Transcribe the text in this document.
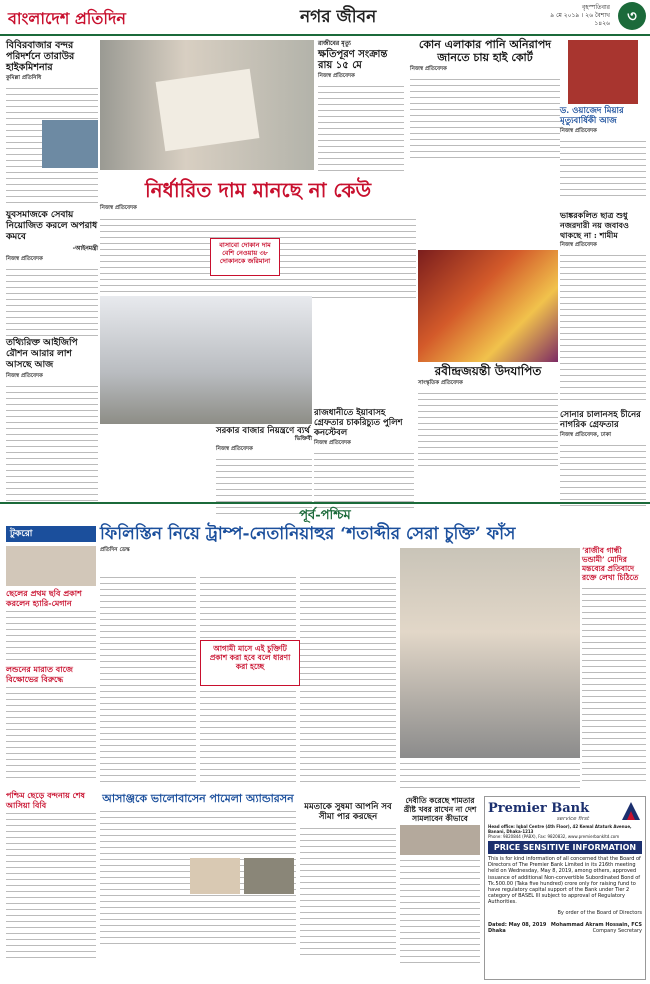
বাংলাদেশ প্রতিদিন	নগর জীবন	বৃহস্পতিবার
৯ মে ২০১৯ । ২৬ বৈশাখ ১৪২৬	৩
বিবিরবাজার বন্দর পরিদর্শনে তারাউর হাইকমিশনার
কুমিল্লা প্রতিনিধি
রাজীবের মৃত্যু
ক্ষতিপূরণ সংক্রান্ত রায় ১৫ মে
নিজস্ব প্রতিবেদক
কোন এলাকার পানি অনিরাপদ জানতে চায় হাই কোর্ট
নিজস্ব প্রতিবেদক
ড. ওয়াজেদ মিয়ার মৃত্যুবার্ষিকী আজ
নিজস্ব প্রতিবেদক
যুবসমাজকে সেবায় নিয়োজিত করলে অপরাধ কমবে
-আইনমন্ত্রী
নিজস্ব প্রতিবেদক
তথ্যিরিক্ত আইজিপি রৌশন আরার লাশ আসছে আজ
নিজস্ব প্রতিবেদক
নির্ধারিত দাম মানছে না কেউ
নিজস্ব প্রতিবেদক
বাসাবো দোকান দাম বেশি নেওয়ায় ৩৮ দোকানকে জরিমানা
সরকার বাজার নিয়ন্ত্রণে ব্যর্থ
ভিক্তিবী
নিজস্ব প্রতিবেদক
রাজধানীতে ইয়াবাসহ গ্রেফতার চাকরিচ্যুত পুলিশ কনস্টেবল
নিজস্ব প্রতিবেদক
ভাঙ্করকলিত ছাত্র শুধু নজরদারী নয় জবাবও থাকছে না : শামীম
নিজস্ব প্রতিবেদক
রবীন্দ্রজয়ন্তী উদযাপিত
সাংস্কৃতিক প্রতিবেদক
সোনার চালানসহ চীনের নাগরিক গ্রেফতার
নিজস্ব প্রতিবেদক, ঢাকা
পূর্ব-পশ্চিম
টুকরো	ফিলিস্তিন নিয়ে ট্রাম্প-নেতানিয়াহুর ‘শতাব্দীর সেরা চুক্তি’ ফাঁস
প্রতিদিন ডেস্ক
আগামী মাসে এই চুক্তিটি প্রকাশ করা হবে বলে ধারণা করা হচ্ছে
‘রাজীব গান্ধী ভন্ডামী’ মোদির মন্তব্যের প্রতিবাদে রক্তে লেখা চিঠিতে
ছেলের প্রথম ছবি প্রকাশ করলেন হ্যারি-মেগান
লন্ডনের মারাত বাজে বিক্ষোভের বিরুদ্ধে
পশ্চিম ছেড়ে বন্দনায় শেষ আসিয়া বিবি	আসাঞ্জকে ভালোবাসেন পামেলা অ্যান্ডারসন
মমতাকে সুষমা আপনি সব সীমা পার করছেন
দেবীতি করেছে শামতার খ্রীষ্ট খবর রাখেন না দেশ সামলাবেন কীভাবে
Premier Bank
service first
Head office: Iqbal Centre (4th Floor), 42 Kemal Ataturk Avenue, Banani, Dhaka-1213
Phone: 9820844 (PABX), Fax: 9820832, www.premierbankltd.com
PRICE SENSITIVE INFORMATION
This is for kind information of all concerned that the Board of Directors of The Premier Bank Limited in its 216th meeting held on Wednesday, May 8, 2019, among others, approved issuance of additional Non-convertible Subordinated Bond of Tk.500.00 (Taka five hundred) crore only for raising fund to have regulatory capital support of the Bank under Tier 2 category of BASEL III subject to approval of Regulatory Authorities.
By order of the Board of Directors
Dated: May 08, 2019
Dhaka
Mohammad Akram Hossain, FCS
Company Secretary
